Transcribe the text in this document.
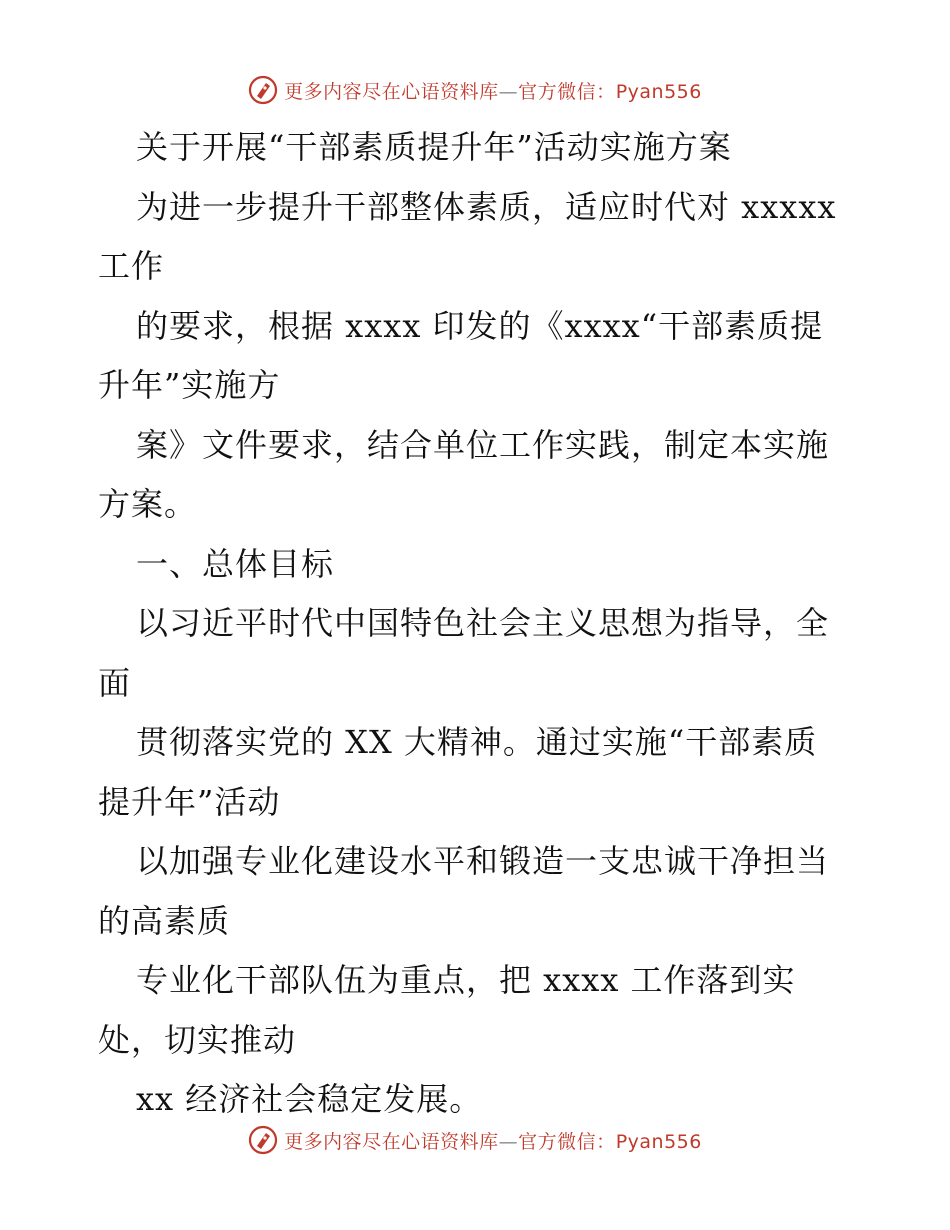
更多内容尽在心语资料库—官方微信：Pyan556
关于开展“干部素质提升年”活动实施方案
为进一步提升干部整体素质，适应时代对 xxxxx
工作
的要求，根据 xxxx 印发的《xxxx“干部素质提
升年”实施方
案》文件要求，结合单位工作实践，制定本实施
方案。
一、总体目标
以习近平时代中国特色社会主义思想为指导，全
面
贯彻落实党的 XX 大精神。通过实施“干部素质
提升年”活动
以加强专业化建设水平和锻造一支忠诚干净担当
的高素质
专业化干部队伍为重点，把 xxxx 工作落到实
处，切实推动
xx 经济社会稳定发展。
更多内容尽在心语资料库—官方微信：Pyan556
